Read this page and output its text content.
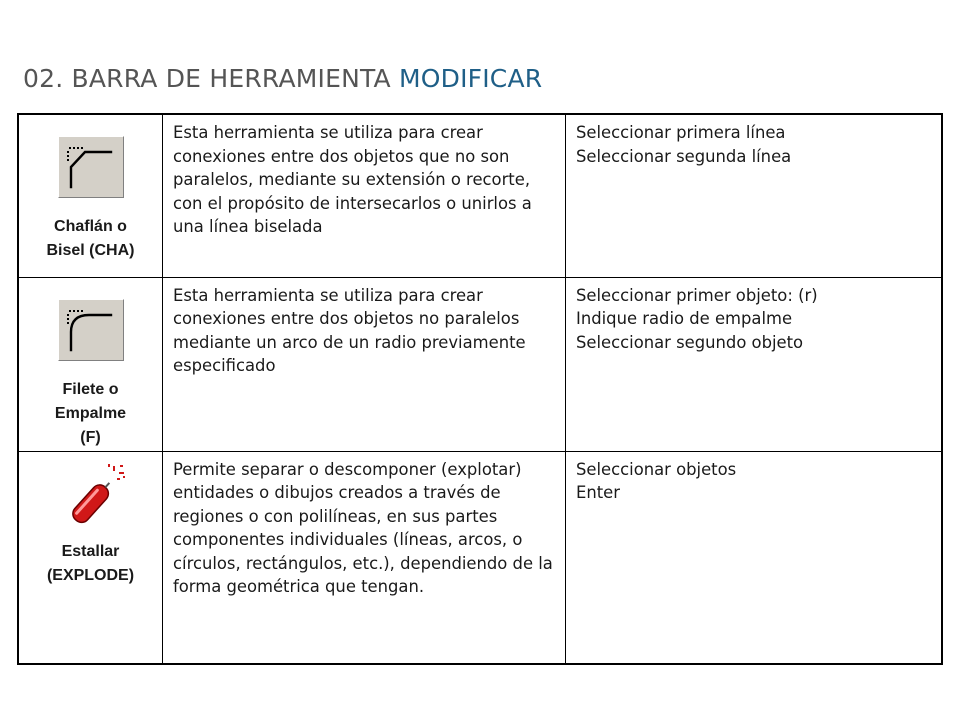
02. BARRA DE HERRAMIENTA MODIFICAR
Chaflán o
Bisel (CHA)	Esta herramienta se utiliza para crear conexiones entre dos objetos que no son paralelos, mediante su extensión o recorte, con el propósito de intersecarlos o unirlos a una línea biselada	Seleccionar primera línea
Seleccionar segunda línea

Filete o
Empalme
(F)	Esta herramienta se utiliza para crear conexiones entre dos objetos no paralelos mediante un arco de un radio previamente especificado	Seleccionar primer objeto: (r)
Indique radio de empalme
Seleccionar segundo objeto

Estallar
(EXPLODE)	Permite separar o descomponer (explotar) entidades o dibujos creados a través de regiones o con polilíneas, en sus partes componentes individuales (líneas, arcos, o círculos, rectángulos, etc.), dependiendo de la forma geométrica que tengan.	Seleccionar objetos
Enter
